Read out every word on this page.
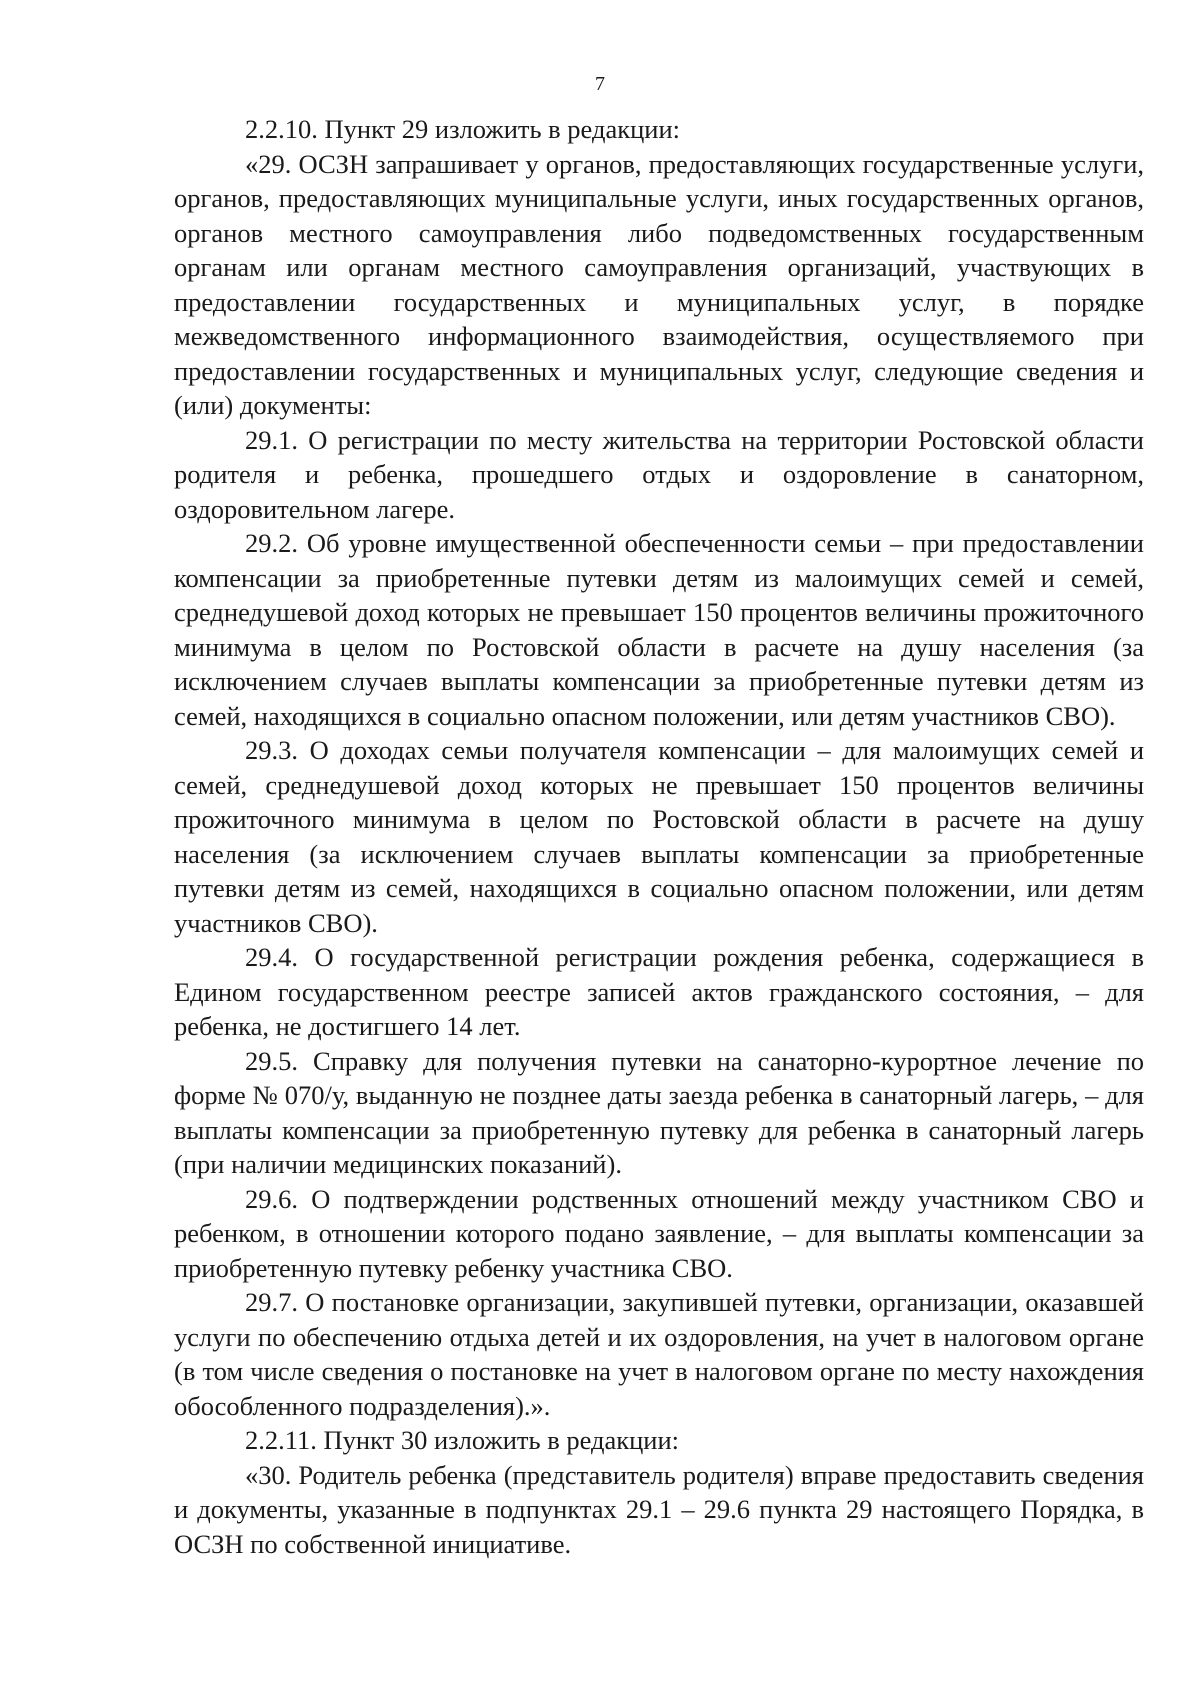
7

2.2.10. Пункт 29 изложить в редакции:

«29. ОСЗН запрашивает у органов, предоставляющих государственные услуги, органов, предоставляющих муниципальные услуги, иных государственных органов, органов местного самоуправления либо подведомственных государственным органам или органам местного самоуправления организаций, участвующих в предоставлении государственных и муниципальных услуг, в порядке межведомственного информационного взаимодействия, осуществляемого при предоставлении государственных и муниципальных услуг, следующие сведения и (или) документы:

29.1. О регистрации по месту жительства на территории Ростовской области родителя и ребенка, прошедшего отдых и оздоровление в санаторном, оздоровительном лагере.

29.2. Об уровне имущественной обеспеченности семьи – при предоставлении компенсации за приобретенные путевки детям из малоимущих семей и семей, среднедушевой доход которых не превышает 150 процентов величины прожиточного минимума в целом по Ростовской области в расчете на душу населения (за исключением случаев выплаты компенсации за приобретенные путевки детям из семей, находящихся в социально опасном положении, или детям участников СВО).

29.3. О доходах семьи получателя компенсации – для малоимущих семей и семей, среднедушевой доход которых не превышает 150 процентов величины прожиточного минимума в целом по Ростовской области в расчете на душу населения (за исключением случаев выплаты компенсации за приобретенные путевки детям из семей, находящихся в социально опасном положении, или детям участников СВО).

29.4. О государственной регистрации рождения ребенка, содержащиеся в Едином государственном реестре записей актов гражданского состояния, – для ребенка, не достигшего 14 лет.

29.5. Справку для получения путевки на санаторно-курортное лечение по форме № 070/у, выданную не позднее даты заезда ребенка в санаторный лагерь, – для выплаты компенсации за приобретенную путевку для ребенка в санаторный лагерь (при наличии медицинских показаний).

29.6. О подтверждении родственных отношений между участником СВО и ребенком, в отношении которого подано заявление, – для выплаты компенсации за приобретенную путевку ребенку участника СВО.

29.7. О постановке организации, закупившей путевки, организации, оказавшей услуги по обеспечению отдыха детей и их оздоровления, на учет в налоговом органе (в том числе сведения о постановке на учет в налоговом органе по месту нахождения обособленного подразделения).».

2.2.11. Пункт 30 изложить в редакции:

«30. Родитель ребенка (представитель родителя) вправе предоставить сведения и документы, указанные в подпунктах 29.1 – 29.6 пункта 29 настоящего Порядка, в ОСЗН по собственной инициативе.
